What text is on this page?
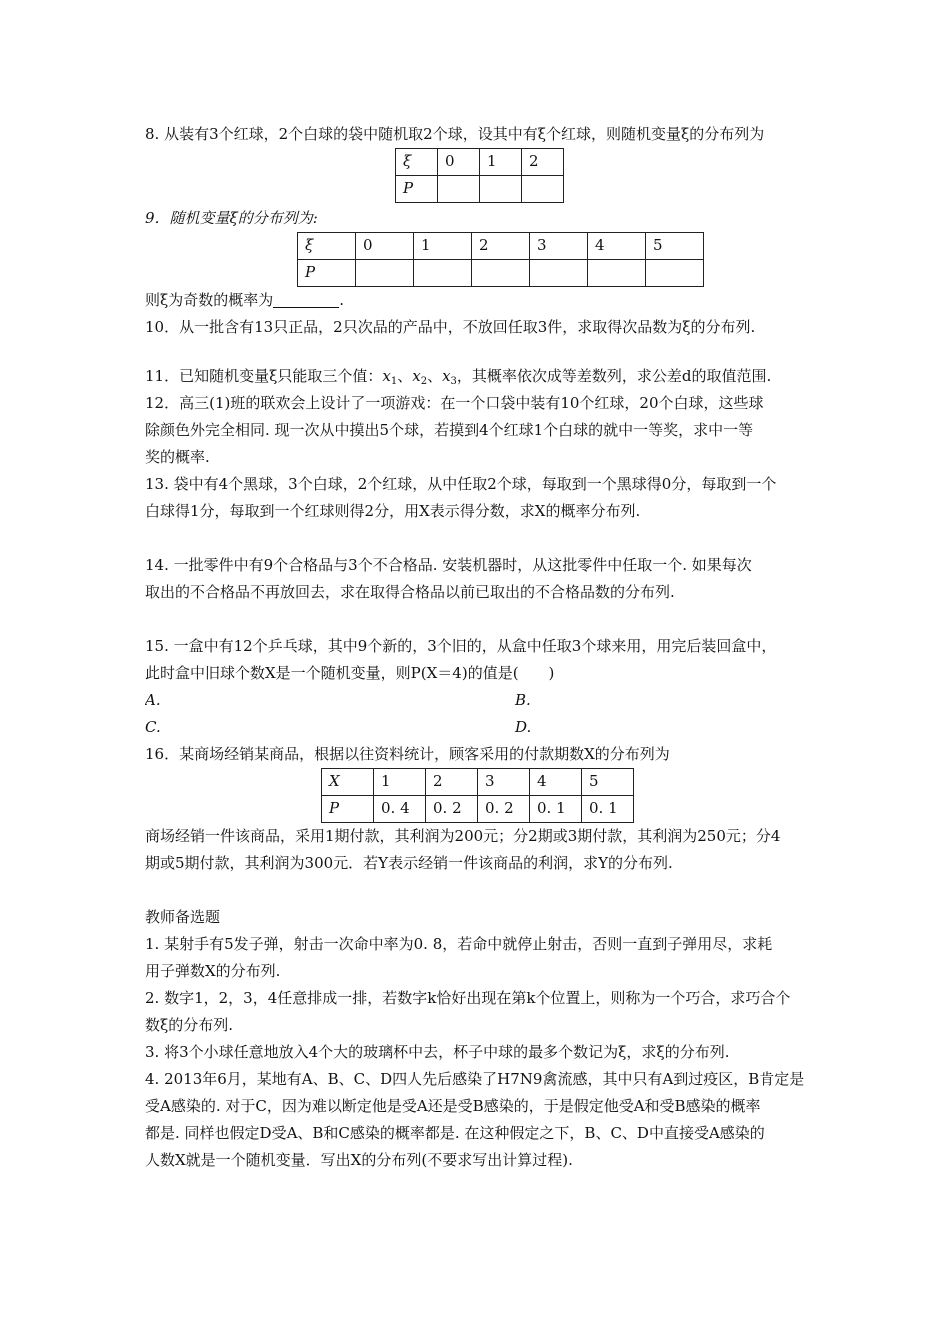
8. 从装有3个红球，2个白球的袋中随机取2个球，设其中有ξ个红球，则随机变量ξ的分布列为
ξ	0	1	2
P			
9．随机变量ξ的分布列为:
ξ	0	1	2	3	4	5
P						
则ξ为奇数的概率为	.
10．从一批含有13只正品，2只次品的产品中，不放回任取3件，求取得次品数为ξ的分布列.
11．已知随机变量ξ只能取三个值：$x_1$、$x_2$、$x_3$，其概率依次成等差数列，求公差d的取值范围.
12．高三(1)班的联欢会上设计了一项游戏：在一个口袋中装有10个红球，20个白球，这些球
除颜色外完全相同. 现一次从中摸出5个球，若摸到4个红球1个白球的就中一等奖，求中一等
奖的概率.
13. 袋中有4个黑球，3个白球，2个红球，从中任取2个球，每取到一个黑球得0分，每取到一个
白球得1分，每取到一个红球则得2分，用X表示得分数，求X的概率分布列.
14. 一批零件中有9个合格品与3个不合格品. 安装机器时，从这批零件中任取一个. 如果每次
取出的不合格品不再放回去，求在取得合格品以前已取出的不合格品数的分布列.
15. 一盒中有12个乒乓球，其中9个新的，3个旧的，从盒中任取3个球来用，用完后装回盒中，
此时盒中旧球个数X是一个随机变量，则P(X＝4)的值是(　　)
A.	B.
C.	D.
16．某商场经销某商品，根据以往资料统计，顾客采用的付款期数X的分布列为
X	1	2	3	4	5
P	0. 4	0. 2	0. 2	0. 1	0. 1
商场经销一件该商品，采用1期付款，其利润为200元；分2期或3期付款，其利润为250元；分4
期或5期付款，其利润为300元．若Y表示经销一件该商品的利润，求Y的分布列.
教师备选题
1. 某射手有5发子弹，射击一次命中率为0. 8，若命中就停止射击，否则一直到子弹用尽，求耗
用子弹数X的分布列.
2. 数字1，2，3，4任意排成一排，若数字k恰好出现在第k个位置上，则称为一个巧合，求巧合个
数ξ的分布列.
3. 将3个小球任意地放入4个大的玻璃杯中去，杯子中球的最多个数记为ξ，求ξ的分布列.
4. 2013年6月，某地有A、B、C、D四人先后感染了H7N9禽流感，其中只有A到过疫区，B肯定是
受A感染的. 对于C，因为难以断定他是受A还是受B感染的，于是假定他受A和受B感染的概率
都是. 同样也假定D受A、B和C感染的概率都是. 在这种假定之下，B、C、D中直接受A感染的
人数X就是一个随机变量．写出X的分布列(不要求写出计算过程).
